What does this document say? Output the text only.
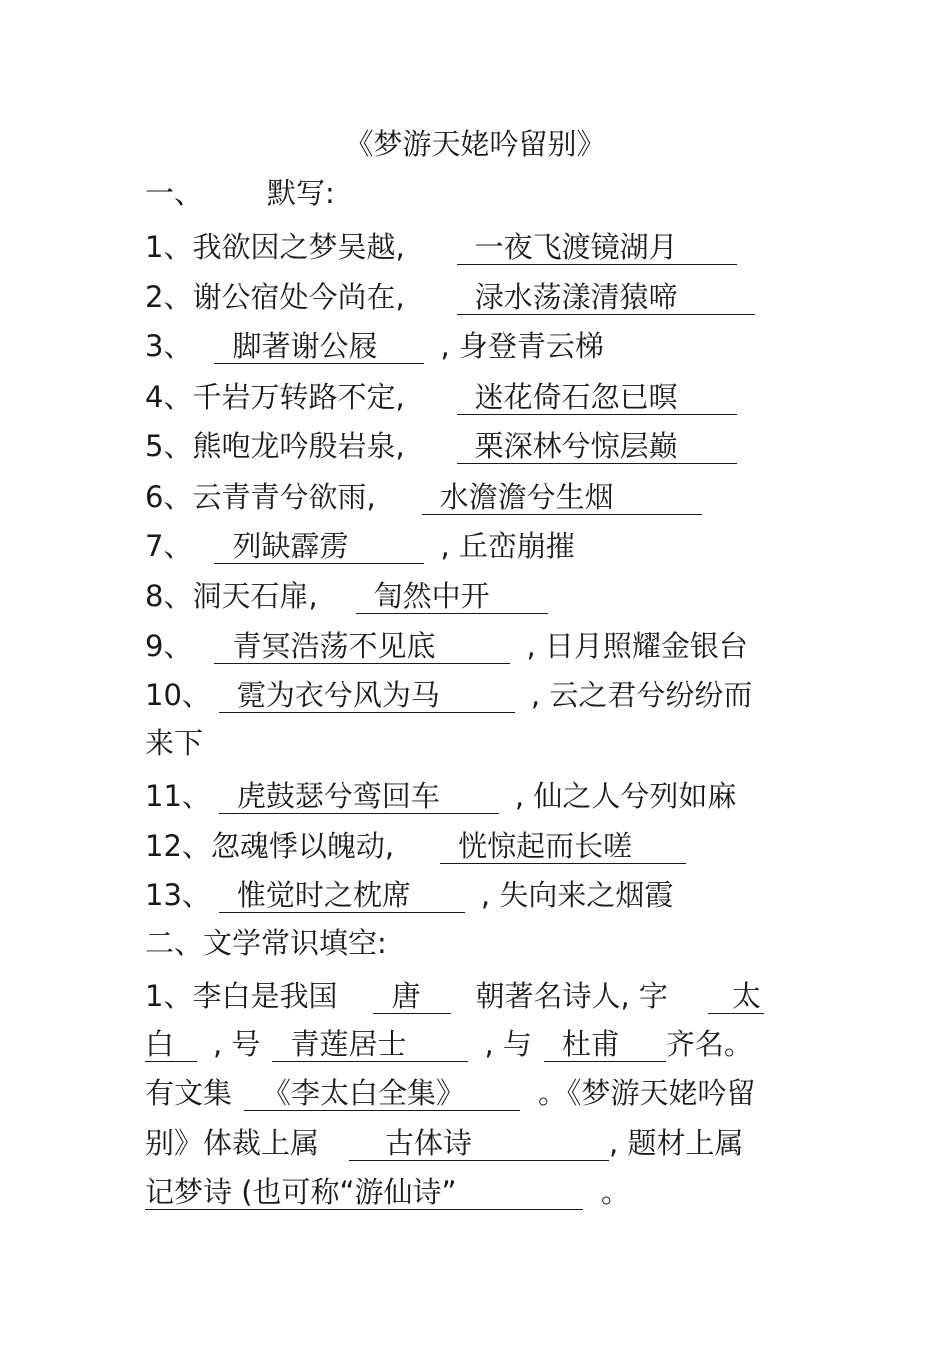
《梦游天姥吟留别》
一、 默写:
1、我欲因之梦吴越, 一夜飞渡镜湖月
2、谢公宿处今尚在, 渌水荡漾清猿啼
3、 脚著谢公屐 , 身登青云梯
4、千岩万转路不定, 迷花倚石忽已暝
5、熊咆龙吟殷岩泉, 栗深林兮惊层巅
6、云青青兮欲雨, 水澹澹兮生烟
7、 列缺霹雳	, 丘峦崩摧
8、洞天石扉, 訇然中开
9、 青冥浩荡不见底	, 日月照耀金银台
10、 霓为衣兮风为马	, 云之君兮纷纷而
来下
11、 虎鼓瑟兮鸾回车	, 仙之人兮列如麻
12、忽魂悸以魄动, 恍惊起而长嗟
13、 惟觉时之枕席 , 失向来之烟霞
二、文学常识填空:
1、李白是我国 唐 朝著名诗人, 字 太
白 , 号 青莲居士	, 与 杜甫 齐名。
有文集 《李太白全集》	。《梦游天姥吟留
别》体裁上属 古体诗	, 题材上属
记梦诗 (也可称“游仙诗”	。
